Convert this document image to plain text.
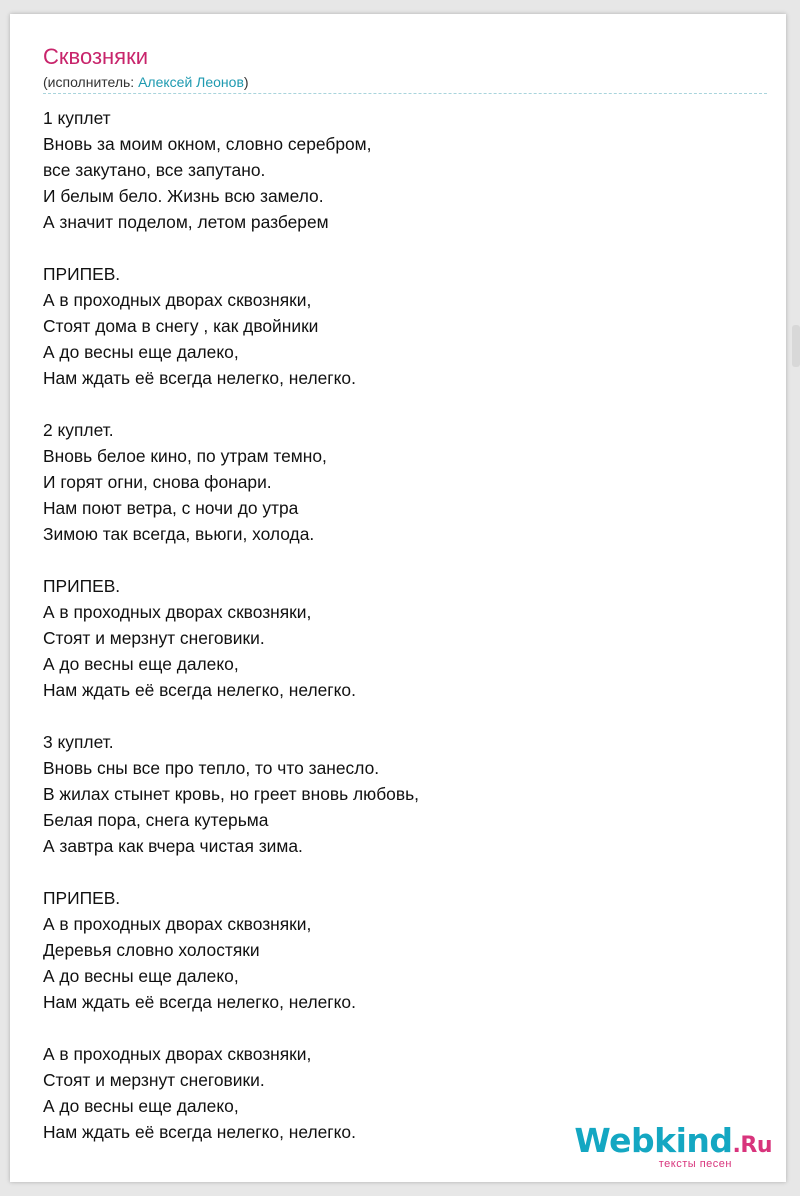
Сквозняки
(исполнитель: Алексей Леонов)
1 куплет
Вновь за моим окном, словно серебром,
все закутано, все запутано.
И белым бело. Жизнь всю замело.
А значит поделом, летом разберем
ПРИПЕВ.
А в проходных дворах сквозняки,
Стоят дома в снегу , как двойники
А до весны еще далеко,
Нам ждать её всегда нелегко, нелегко.
2 куплет.
Вновь белое кино, по утрам темно,
И горят огни, снова фонари.
Нам поют ветра, с ночи до утра
Зимою так всегда, вьюги, холода.
ПРИПЕВ.
А в проходных дворах сквозняки,
Стоят и мерзнут снеговики.
А до весны еще далеко,
Нам ждать её всегда нелегко, нелегко.
3 куплет.
Вновь сны все про тепло, то что занесло.
В жилах стынет кровь, но греет вновь любовь,
Белая пора, снега кутерьма
А завтра как вчера чистая зима.
ПРИПЕВ.
А в проходных дворах сквозняки,
Деревья словно холостяки
А до весны еще далеко,
Нам ждать её всегда нелегко, нелегко.
А в проходных дворах сквозняки,
Стоят и мерзнут снеговики.
А до весны еще далеко,
Нам ждать её всегда нелегко, нелегко.	Webkind.Ru
тексты песен
